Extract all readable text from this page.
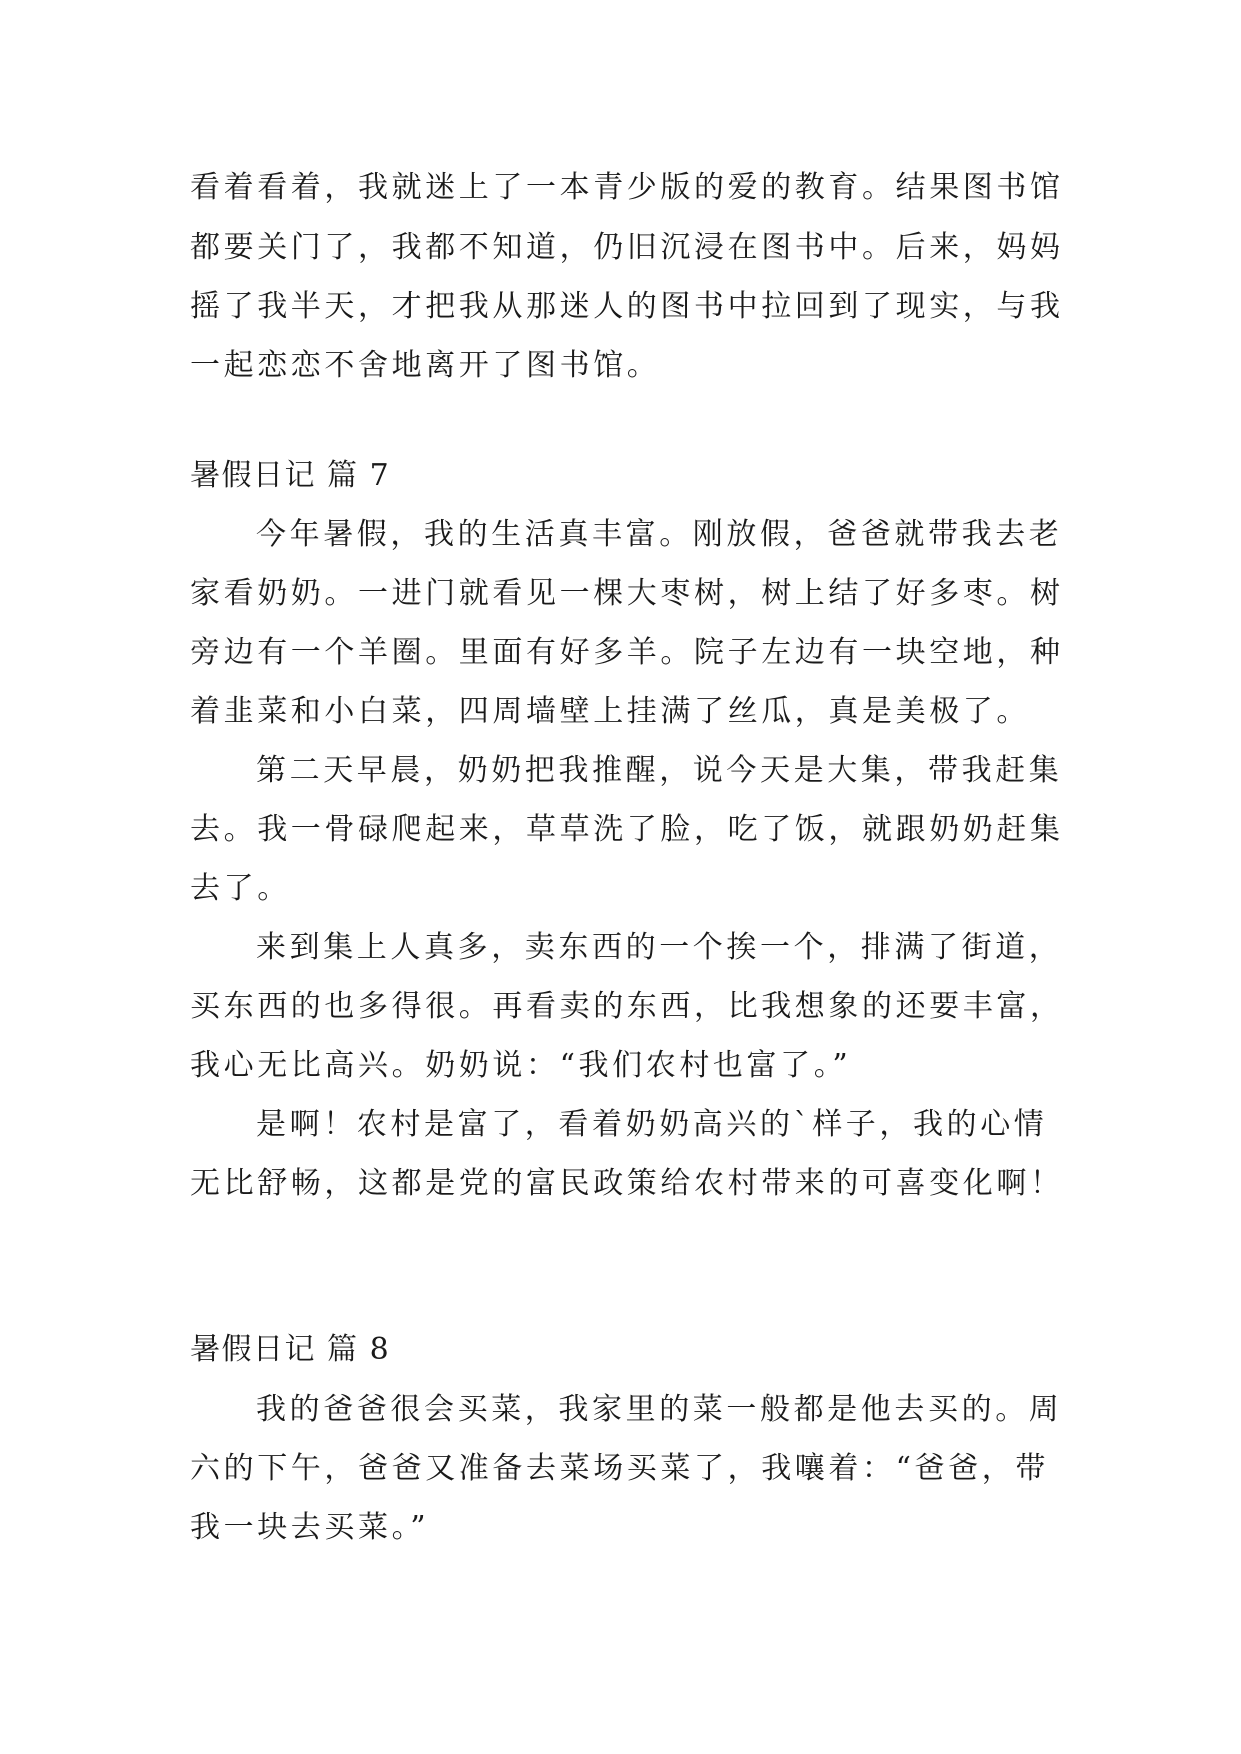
看着看着，我就迷上了一本青少版的爱的教育。结果图书馆

都要关门了，我都不知道，仍旧沉浸在图书中。后来，妈妈

摇了我半天，才把我从那迷人的图书中拉回到了现实，与我

一起恋恋不舍地离开了图书馆。

暑假日记 篇 7

今年暑假，我的生活真丰富。刚放假，爸爸就带我去老

家看奶奶。一进门就看见一棵大枣树，树上结了好多枣。树

旁边有一个羊圈。里面有好多羊。院子左边有一块空地，种

着韭菜和小白菜，四周墙壁上挂满了丝瓜，真是美极了。

第二天早晨，奶奶把我推醒，说今天是大集，带我赶集

去。我一骨碌爬起来，草草洗了脸，吃了饭，就跟奶奶赶集

去了。

来到集上人真多，卖东西的一个挨一个，排满了街道，

买东西的也多得很。再看卖的东西，比我想象的还要丰富，

我心无比高兴。奶奶说：“我们农村也富了。”

是啊！农村是富了，看着奶奶高兴的`样子，我的心情

无比舒畅，这都是党的富民政策给农村带来的可喜变化啊！

暑假日记 篇 8

我的爸爸很会买菜，我家里的菜一般都是他去买的。周

六的下午，爸爸又准备去菜场买菜了，我嚷着：“爸爸，带

我一块去买菜。”
